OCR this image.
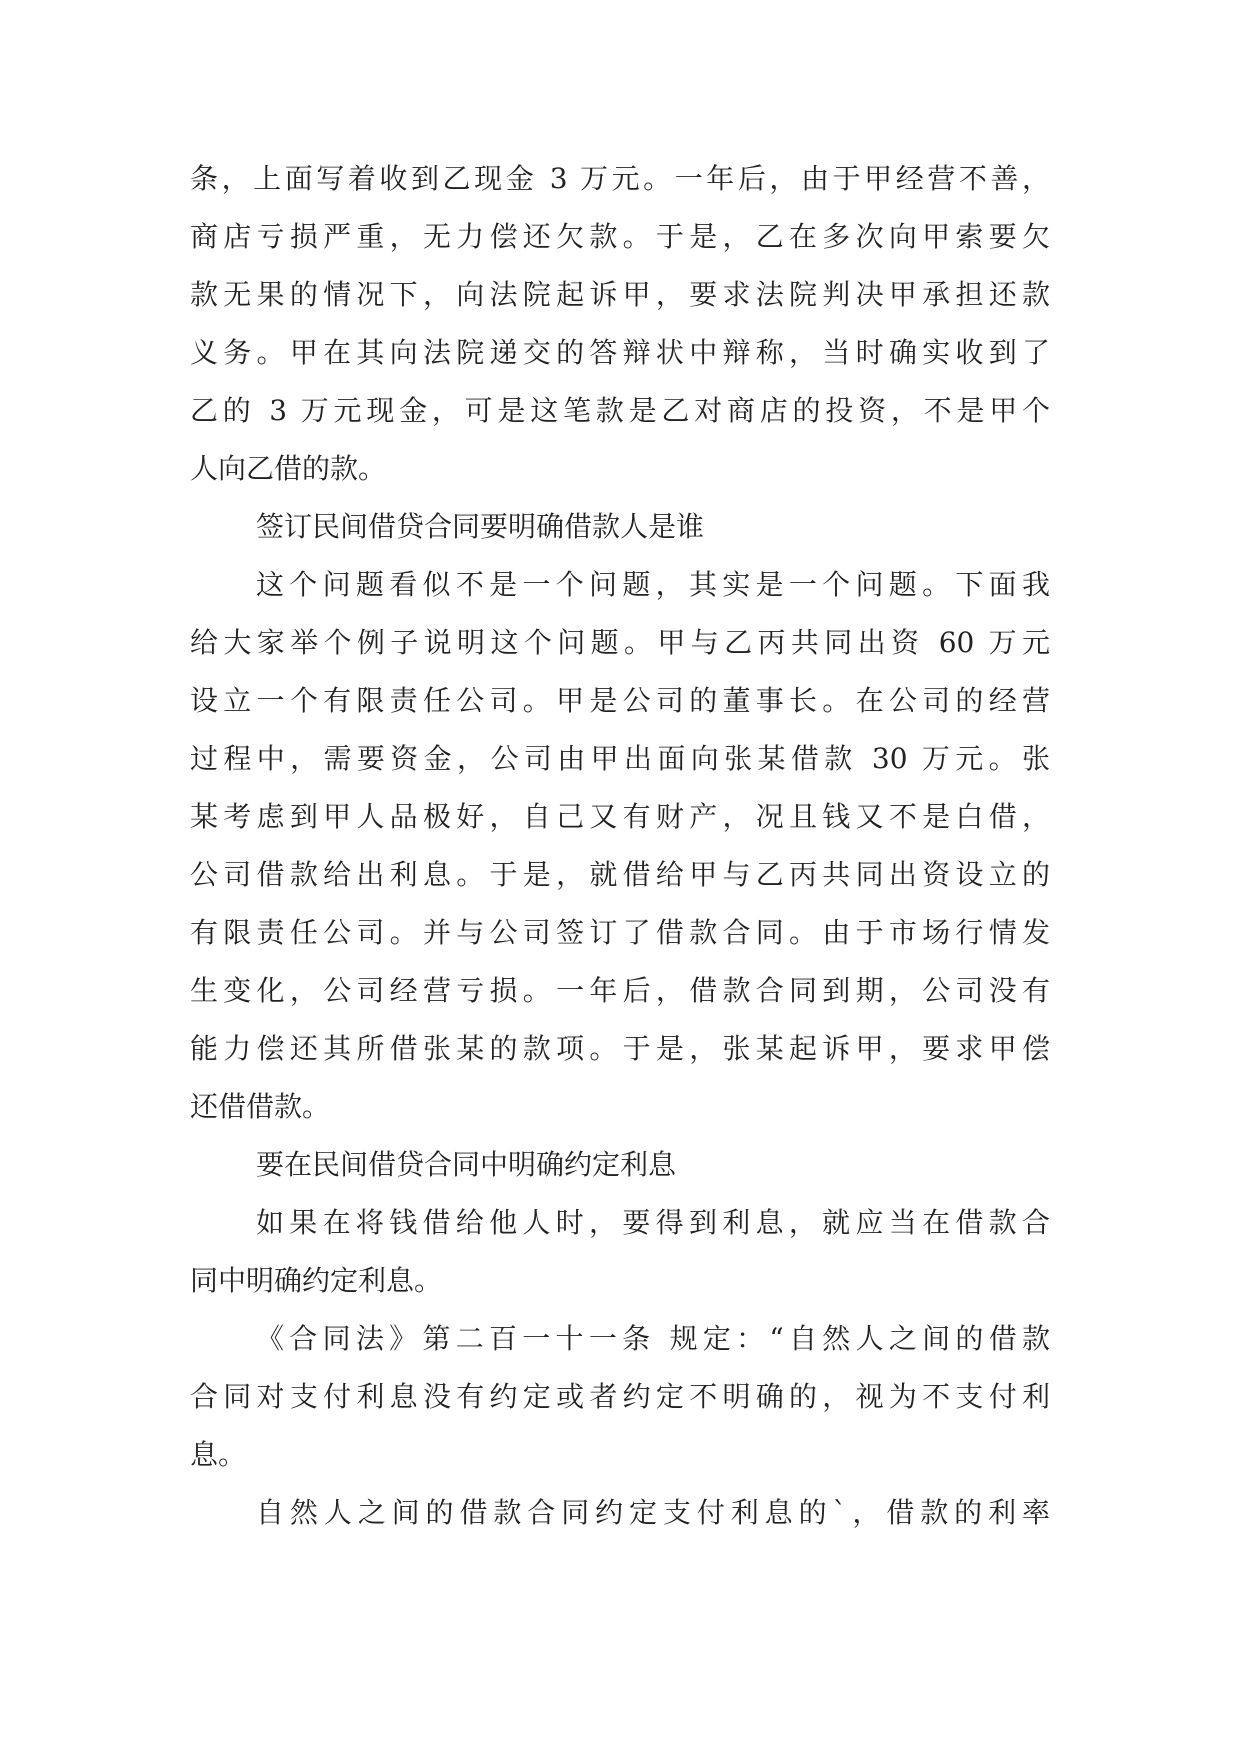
条，上面写着收到乙现金 3 万元。一年后，由于甲经营不善，
商店亏损严重，无力偿还欠款。于是，乙在多次向甲索要欠
款无果的情况下，向法院起诉甲，要求法院判决甲承担还款
义务。甲在其向法院递交的答辩状中辩称，当时确实收到了
乙的 3 万元现金，可是这笔款是乙对商店的投资，不是甲个
人向乙借的款。
签订民间借贷合同要明确借款人是谁
这个问题看似不是一个问题，其实是一个问题。下面我
给大家举个例子说明这个问题。甲与乙丙共同出资 60 万元
设立一个有限责任公司。甲是公司的董事长。在公司的经营
过程中，需要资金，公司由甲出面向张某借款 30 万元。张
某考虑到甲人品极好，自己又有财产，况且钱又不是白借，
公司借款给出利息。于是，就借给甲与乙丙共同出资设立的
有限责任公司。并与公司签订了借款合同。由于市场行情发
生变化，公司经营亏损。一年后，借款合同到期，公司没有
能力偿还其所借张某的款项。于是，张某起诉甲，要求甲偿
还借借款。
要在民间借贷合同中明确约定利息
如果在将钱借给他人时，要得到利息，就应当在借款合
同中明确约定利息。
《合同法》第二百一十一条 规定：“自然人之间的借款
合同对支付利息没有约定或者约定不明确的，视为不支付利
息。
自然人之间的借款合同约定支付利息的`，借款的利率
